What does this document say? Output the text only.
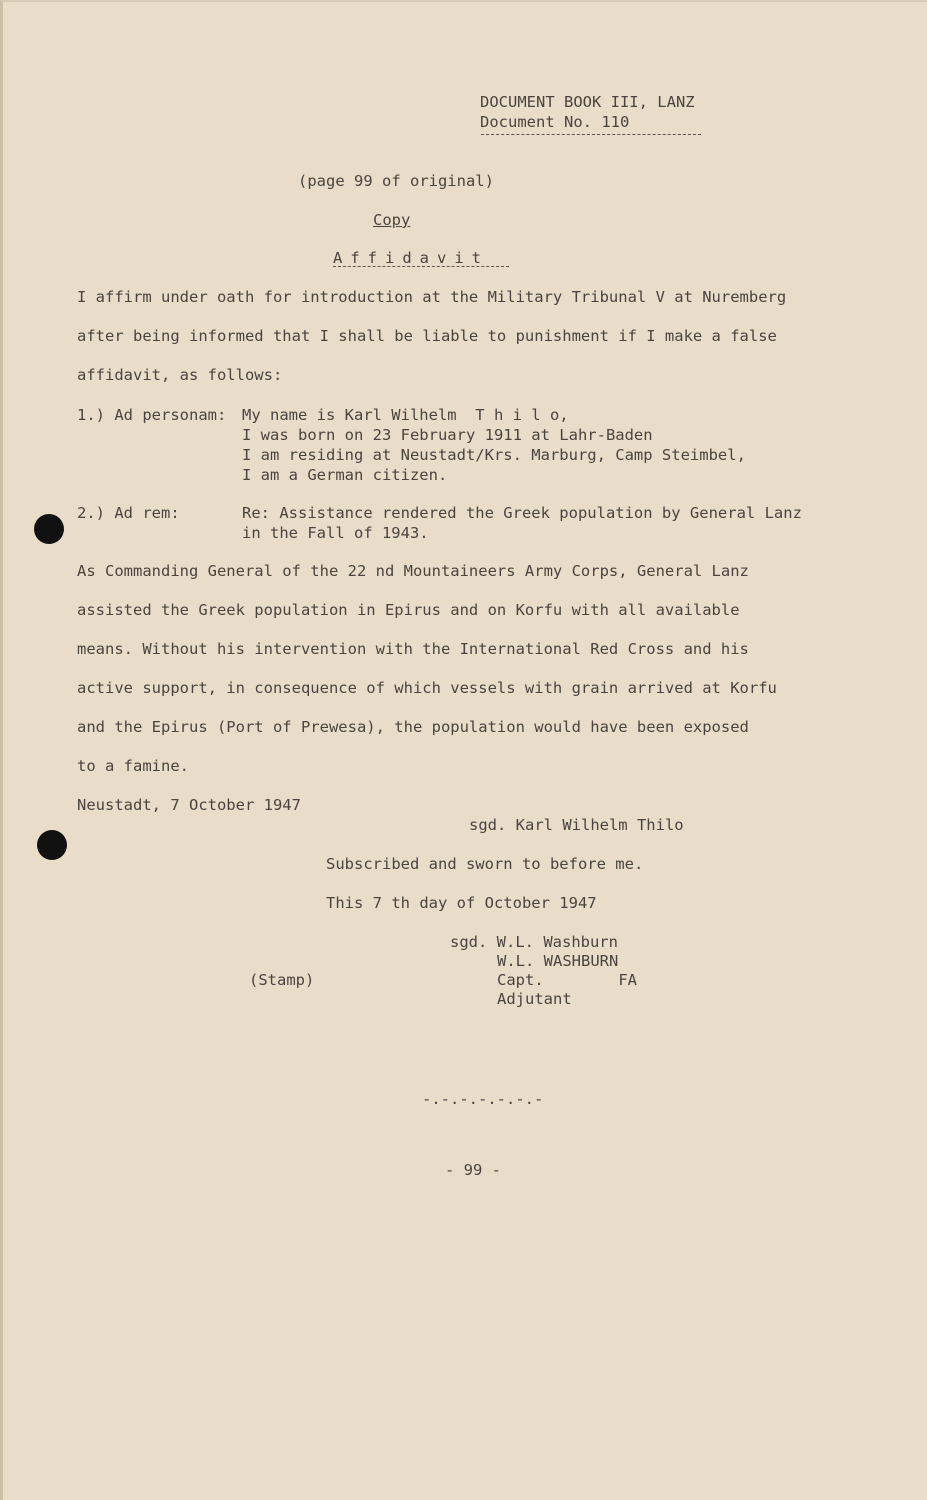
DOCUMENT BOOK III, LANZ
Document No. 110
(page 99 of original)
Copy
Affidavit
I affirm under oath for introduction at the Military Tribunal V at Nuremberg
after being informed that I shall be liable to punishment if I make a false
affidavit, as follows:
1.) Ad personam: My name is Karl Wilhelm  T h i l o,
I was born on 23 February 1911 at Lahr-Baden
I am residing at Neustadt/Krs. Marburg, Camp Steimbel,
I am a German citizen.
2.) Ad rem:	Re: Assistance rendered the Greek population by General Lanz
in the Fall of 1943.
As Commanding General of the 22 nd Mountaineers Army Corps, General Lanz
assisted the Greek population in Epirus and on Korfu with all available
means. Without his intervention with the International Red Cross and his
active support, in consequence of which vessels with grain arrived at Korfu
and the Epirus (Port of Prewesa), the population would have been exposed
to a famine.
Neustadt, 7 October 1947
sgd. Karl Wilhelm Thilo
Subscribed and sworn to before me.
This 7 th day of October 1947
sgd. W.L. Washburn
W.L. WASHBURN
(Stamp)	Capt.        FA
Adjutant
-.-.-.-.-.-.-
- 99 -
